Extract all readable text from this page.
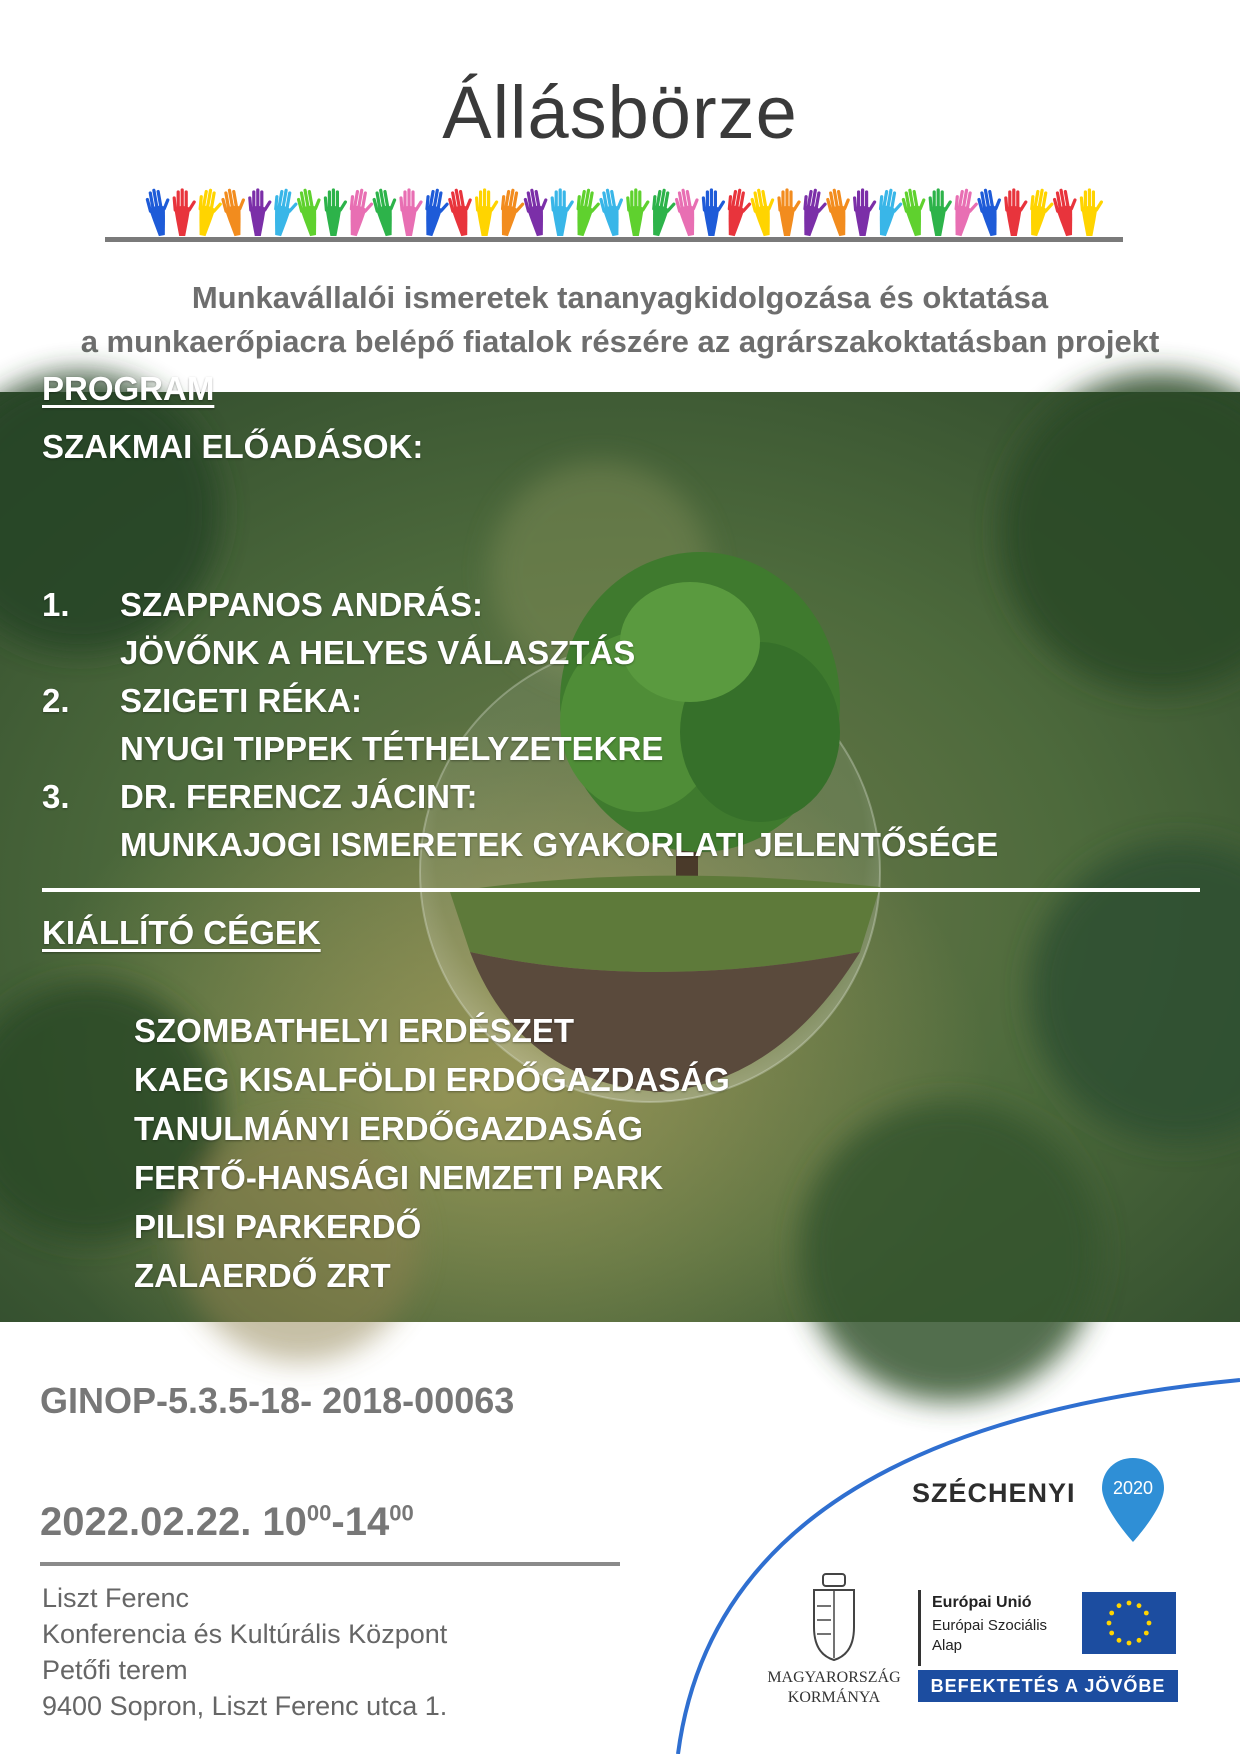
Állásbörze
Munkavállalói ismeretek tananyagkidolgozása és oktatása
a munkaerőpiacra belépő fiatalok részére az agrárszakoktatásban projekt
PROGRAM
SZAKMAI ELŐADÁSOK:
1. SZAPPANOS ANDRÁS:
JÖVŐNK A HELYES VÁLASZTÁS
2. SZIGETI RÉKA:
NYUGI TIPPEK TÉTHELYZETEKRE
3. DR. FERENCZ JÁCINT:
MUNKAJOGI ISMERETEK GYAKORLATI JELENTŐSÉGE
KIÁLLÍTÓ CÉGEK
SZOMBATHELYI ERDÉSZET
KAEG KISALFÖLDI ERDŐGAZDASÁG
TANULMÁNYI ERDŐGAZDASÁG
FERTŐ-HANSÁGI NEMZETI PARK
PILISI PARKERDŐ
ZALAERDŐ ZRT
GINOP-5.3.5-18- 2018-00063
2022.02.22. $10^{00}-14^{00}$
Liszt Ferenc
Konferencia és Kultúrális Központ
Petőfi terem
9400 Sopron, Liszt Ferenc utca 1.
SZÉCHENYI 2020
MAGYARORSZÁG
KORMÁNYA
Európai Unió
Európai Szociális
Alap
BEFEKTETÉS A JÖVŐBE
